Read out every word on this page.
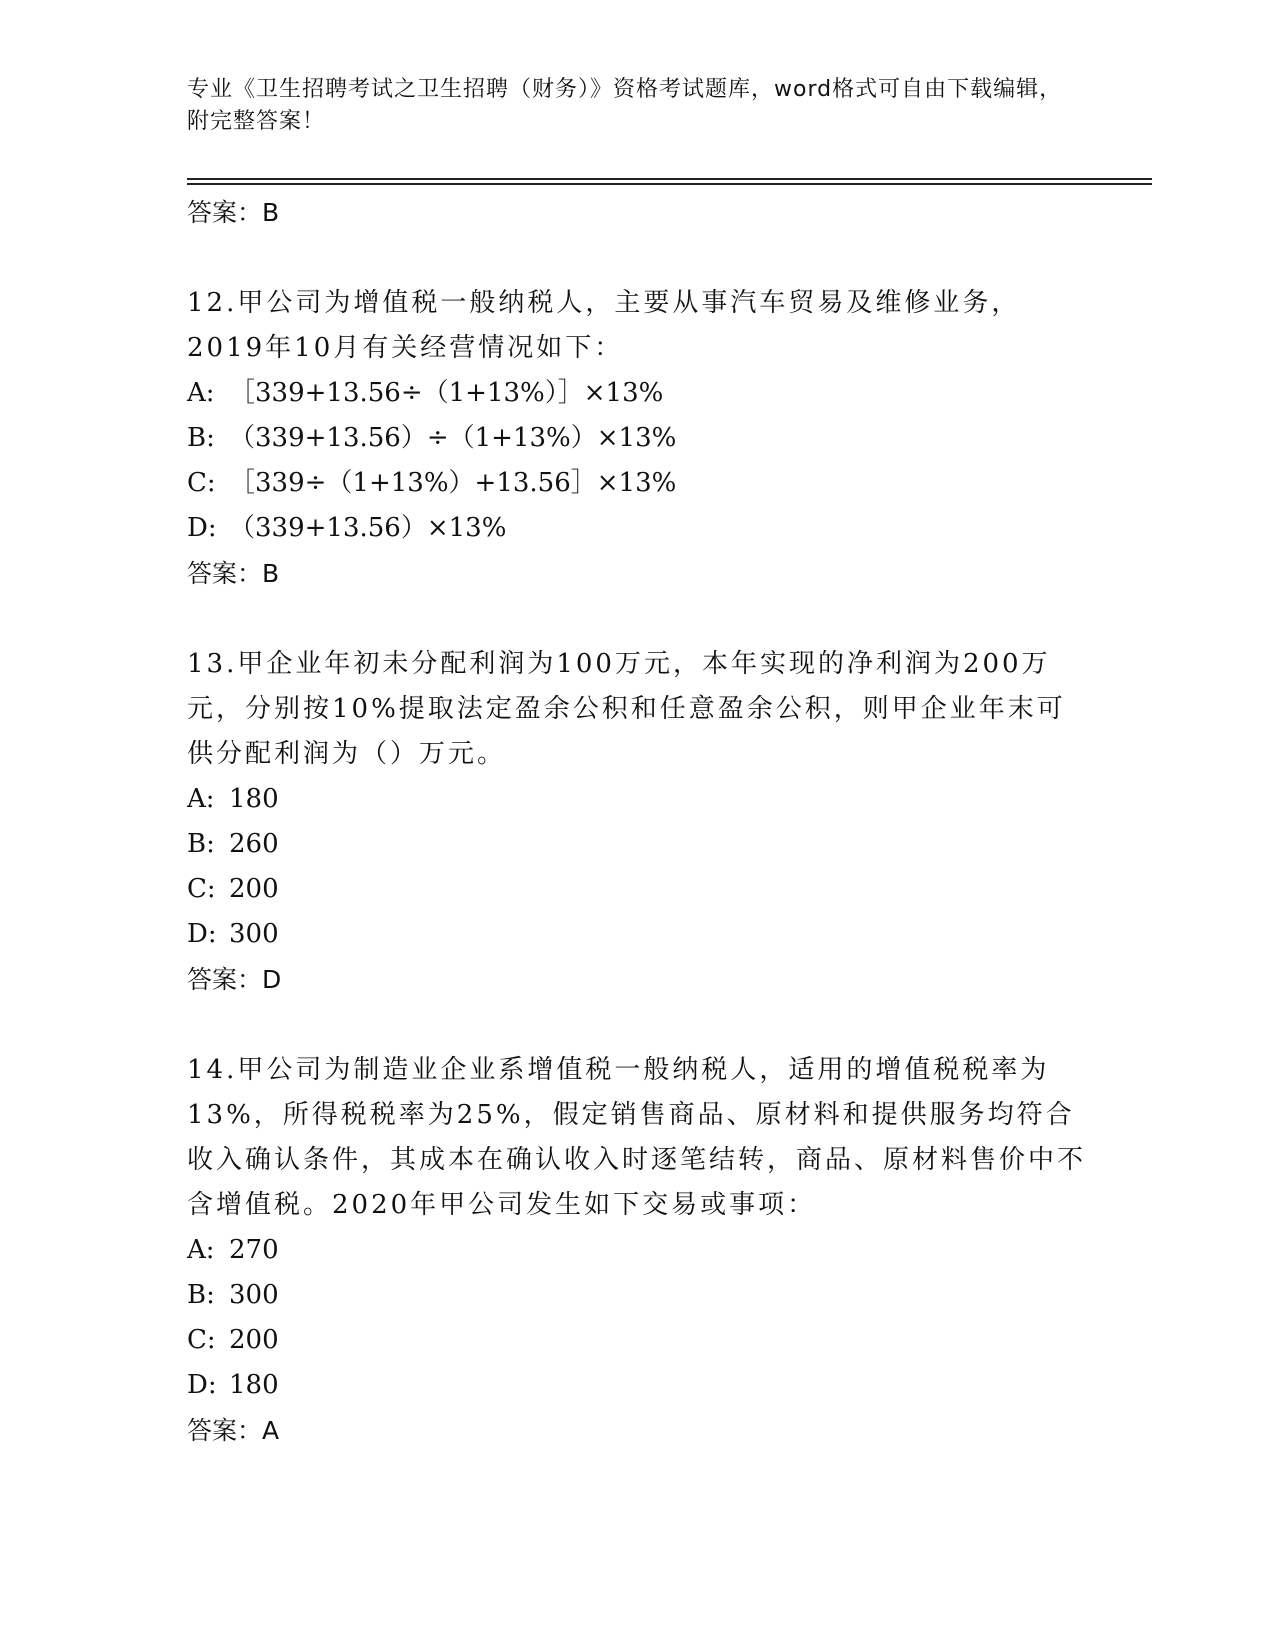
专业《卫生招聘考试之卫生招聘（财务）》资格考试题库，word格式可自由下载编辑，附完整答案！
答案：B
12.甲公司为增值税一般纳税人，主要从事汽车贸易及维修业务，2019年10月有关经营情况如下：
A: ［339+13.56÷（1+13%）］×13%
B: （339+13.56）÷（1+13%）×13%
C: ［339÷（1+13%）+13.56］×13%
D: （339+13.56）×13%
答案：B
13.甲企业年初未分配利润为100万元，本年实现的净利润为200万元，分别按10%提取法定盈余公积和任意盈余公积，则甲企业年末可供分配利润为（）万元。
A: 180
B: 260
C: 200
D: 300
答案：D
14.甲公司为制造业企业系增值税一般纳税人，适用的增值税税率为13%，所得税税率为25%，假定销售商品、原材料和提供服务均符合收入确认条件，其成本在确认收入时逐笔结转，商品、原材料售价中不含增值税。2020年甲公司发生如下交易或事项：
A: 270
B: 300
C: 200
D: 180
答案：A
